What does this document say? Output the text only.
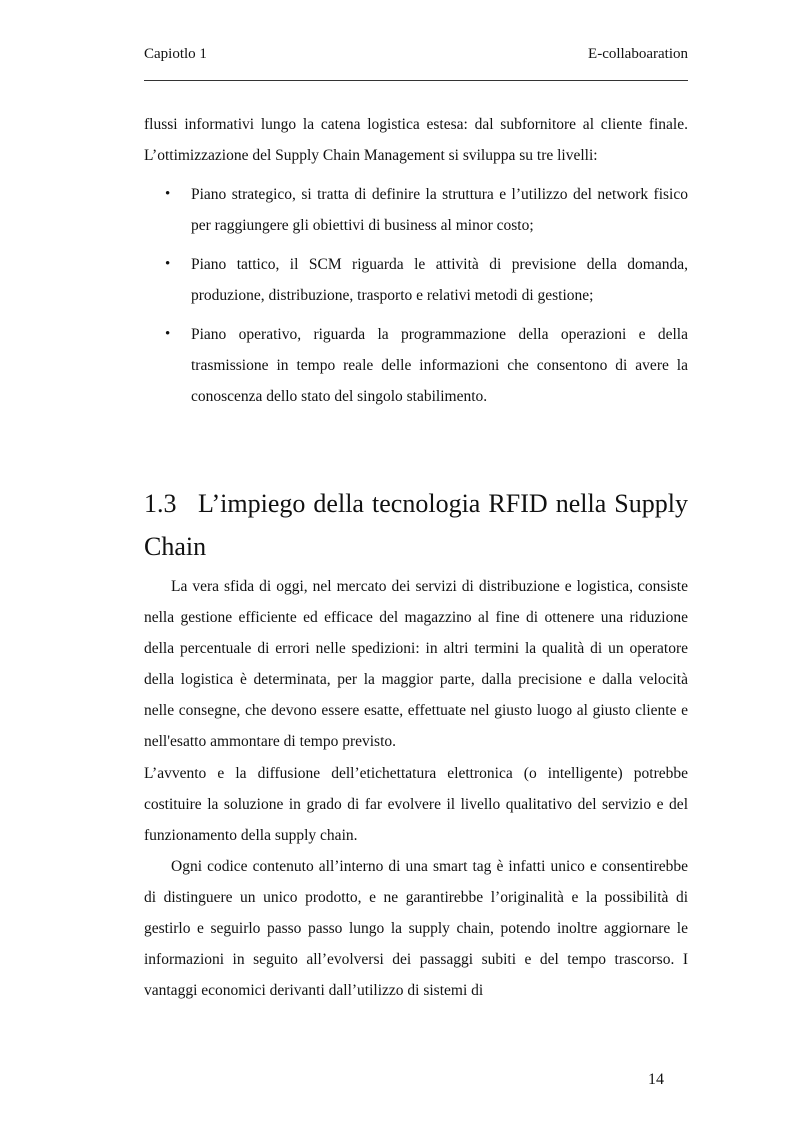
Capiotlo 1	E-collaboaration

flussi informativi lungo la catena logistica estesa: dal subfornitore al cliente finale. L’ottimizzazione del Supply Chain Management si sviluppa su tre livelli:

• Piano strategico, si tratta di definire la struttura e l’utilizzo del network fisico per raggiungere gli obiettivi di business al minor costo;
• Piano tattico, il SCM riguarda le attività di previsione della domanda, produzione, distribuzione, trasporto e relativi metodi di gestione;
• Piano operativo, riguarda la programmazione della operazioni e della trasmissione in tempo reale delle informazioni che consentono di avere la conoscenza dello stato del singolo stabilimento.
1.3 L’impiego della tecnologia RFID nella Supply Chain

La vera sfida di oggi, nel mercato dei servizi di distribuzione e logistica, consiste nella gestione efficiente ed efficace del magazzino al fine di ottenere una riduzione della percentuale di errori nelle spedizioni: in altri termini la qualità di un operatore della logistica è determinata, per la maggior parte, dalla precisione e dalla velocità nelle consegne, che devono essere esatte, effettuate nel giusto luogo al giusto cliente e nell'esatto ammontare di tempo previsto.

L’avvento e la diffusione dell’etichettatura elettronica (o intelligente) potrebbe costituire la soluzione in grado di far evolvere il livello qualitativo del servizio e del funzionamento della supply chain.

Ogni codice contenuto all’interno di una smart tag è infatti unico e consentirebbe di distinguere un unico prodotto, e ne garantirebbe l’originalità e la possibilità di gestirlo e seguirlo passo passo lungo la supply chain, potendo inoltre aggiornare le informazioni in seguito all’evolversi dei passaggi subiti e del tempo trascorso. I vantaggi economici derivanti dall’utilizzo di sistemi di

14
